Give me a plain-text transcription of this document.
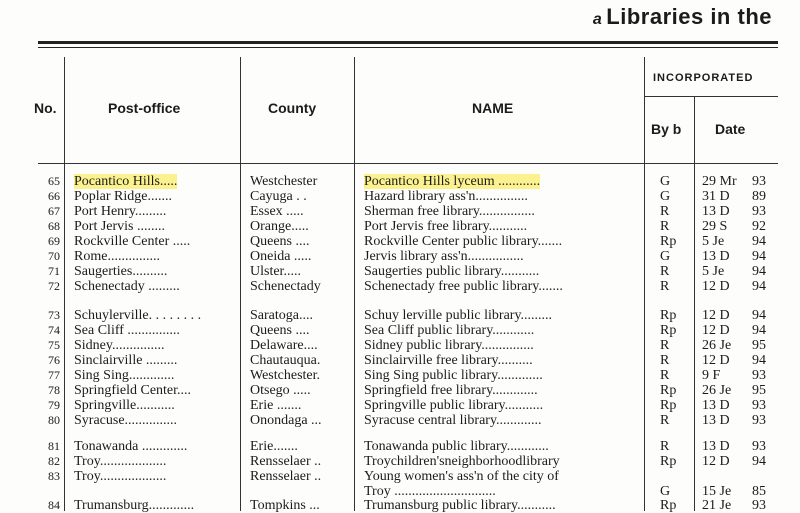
a Libraries in the
No.	Post-office	County	NAME
INCORPORATED
By b Date
65 Pocantico Hills.....	Westchester	Pocantico Hills lyceum ............	G 29 Mr 93
66 Poplar Ridge.......	Cayuga . .	Hazard library ass'n...............	G 31 D 89
67 Port Henry.........	Essex .....	Sherman free library................	R 13 D 93
68 Port Jervis ........	Orange.....	Port Jervis free library...........	R 29 S 92
69 Rockville Center .....	Queens ....	Rockville Center public library.......	Rp 5 Je 94
70 Rome...............	Oneida .....	Jervis library ass'n................	G 13 D 94
71 Saugerties..........	Ulster.....	Saugerties public library...........	R 5 Je 94
72 Schenectady .........	Schenectady	Schenectady free public library.......	R 12 D 94
73 Schuylerville. . . . . . . .	Saratoga....	Schuy lerville public library.........	Rp 12 D 94
74 Sea Cliff ...............	Queens ....	Sea Cliff public library............	Rp 12 D 94
75 Sidney...............	Delaware....	Sidney public library...............	R 26 Je 95
76 Sinclairville .........	Chautauqua.	Sinclairville free library..........	R 12 D 94
77 Sing Sing.............	Westchester.	Sing Sing public library.............	R 9 F 93
78 Springfield Center....	Otsego .....	Springfield free library.............	Rp 26 Je 95
79 Springville...........	Erie .......	Springville public library...........	Rp 13 D 93
80 Syracuse...............	Onondaga ...	Syracuse central library.............	R 13 D 93
81 Tonawanda .............	Erie.......	Tonawanda public library............	R 13 D 93
82 Troy...................	Rensselaer ..	Troychildren'sneighborhoodlibrary	Rp 12 D 94
83 Troy...................	Rensselaer ..	Young women's ass'n of the city of
Troy .............................	G 15 Je 85
84 Trumansburg.............	Tompkins ...	Trumansburg public library...........	Rp 21 Je 93
